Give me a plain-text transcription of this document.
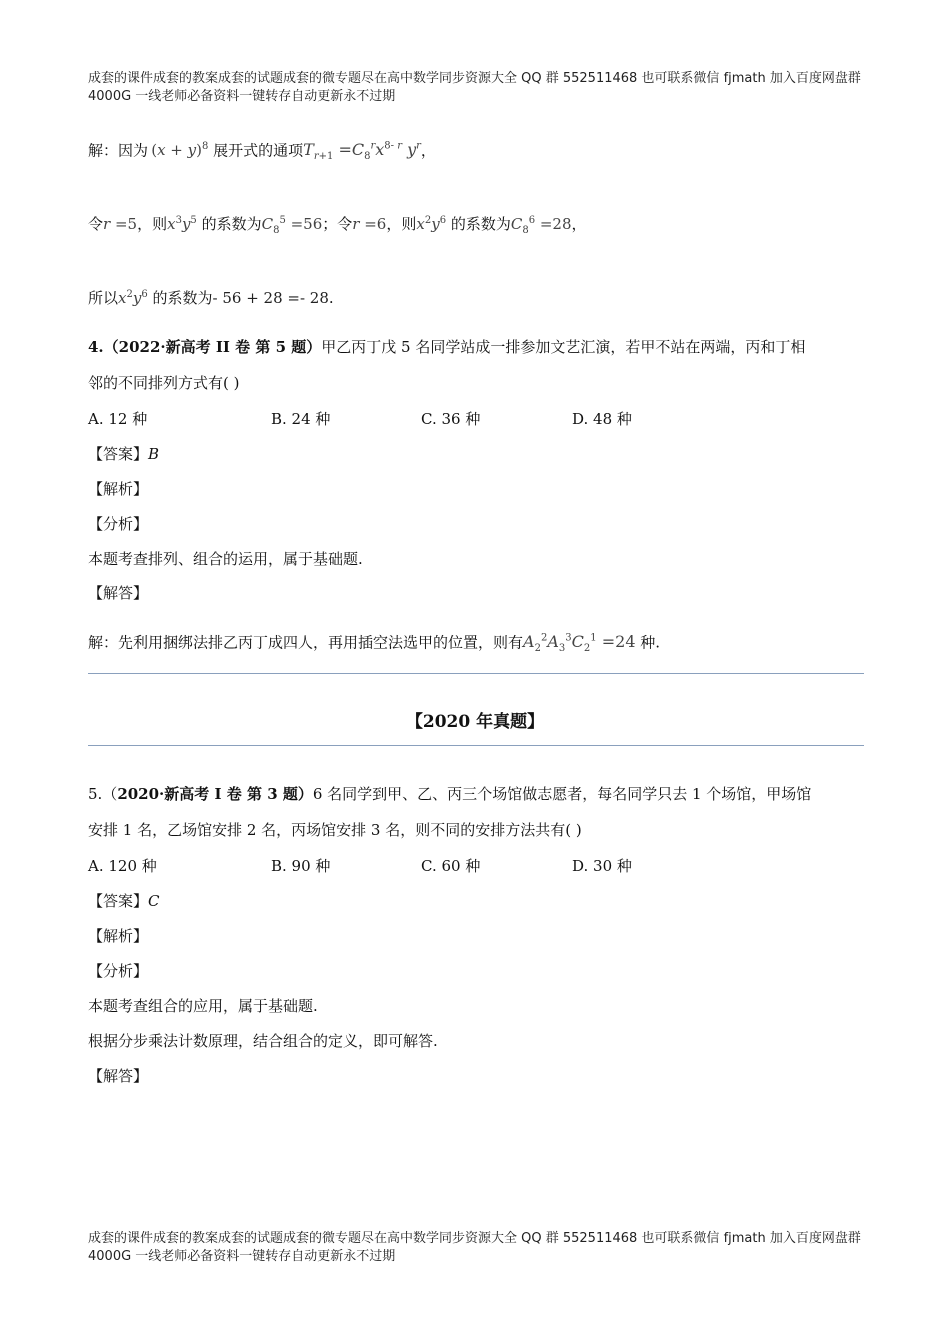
成套的课件成套的教案成套的试题成套的微专题尽在高中数学同步资源大全 QQ 群 552511468 也可联系微信 fjmath 加入百度网盘群 4000G 一线老师必备资料一键转存自动更新永不过期
解：因为 $(x + y)^8$ 展开式的通项$T_{r+1} =C_8^rx^{8- r}$ $y^r$，
令r =5，则$x^3y^5$ 的系数为$C_8^5 =56$；令r =6，则$x^2y^6$ 的系数为$C_8^6 =28$，
所以$x^2y^6$ 的系数为- 56 + 28 =- 28.
4.（2022·新高考 II 卷 第 5 题）甲乙丙丁戊 5 名同学站成一排参加文艺汇演，若甲不站在两端，丙和丁相
邻的不同排列方式有( )
A. 12 种	B. 24 种	C. 36 种	D. 48 种
【答案】B
【解析】
【分析】
本题考查排列、组合的运用，属于基础题.
【解答】
解：先利用捆绑法排乙丙丁成四人，再用插空法选甲的位置，则有$A_2^2A_3^3C_2^1 =24$ 种.
【2020 年真题】
5.（2020·新高考 I 卷 第 3 题）6 名同学到甲、乙、丙三个场馆做志愿者，每名同学只去 1 个场馆，甲场馆
安排 1 名，乙场馆安排 2 名，丙场馆安排 3 名，则不同的安排方法共有( )
A. 120 种	B. 90 种	C. 60 种	D. 30 种
【答案】C
【解析】
【分析】
本题考查组合的应用，属于基础题.
根据分步乘法计数原理，结合组合的定义，即可解答.
【解答】
成套的课件成套的教案成套的试题成套的微专题尽在高中数学同步资源大全 QQ 群 552511468 也可联系微信 fjmath 加入百度网盘群 4000G 一线老师必备资料一键转存自动更新永不过期
